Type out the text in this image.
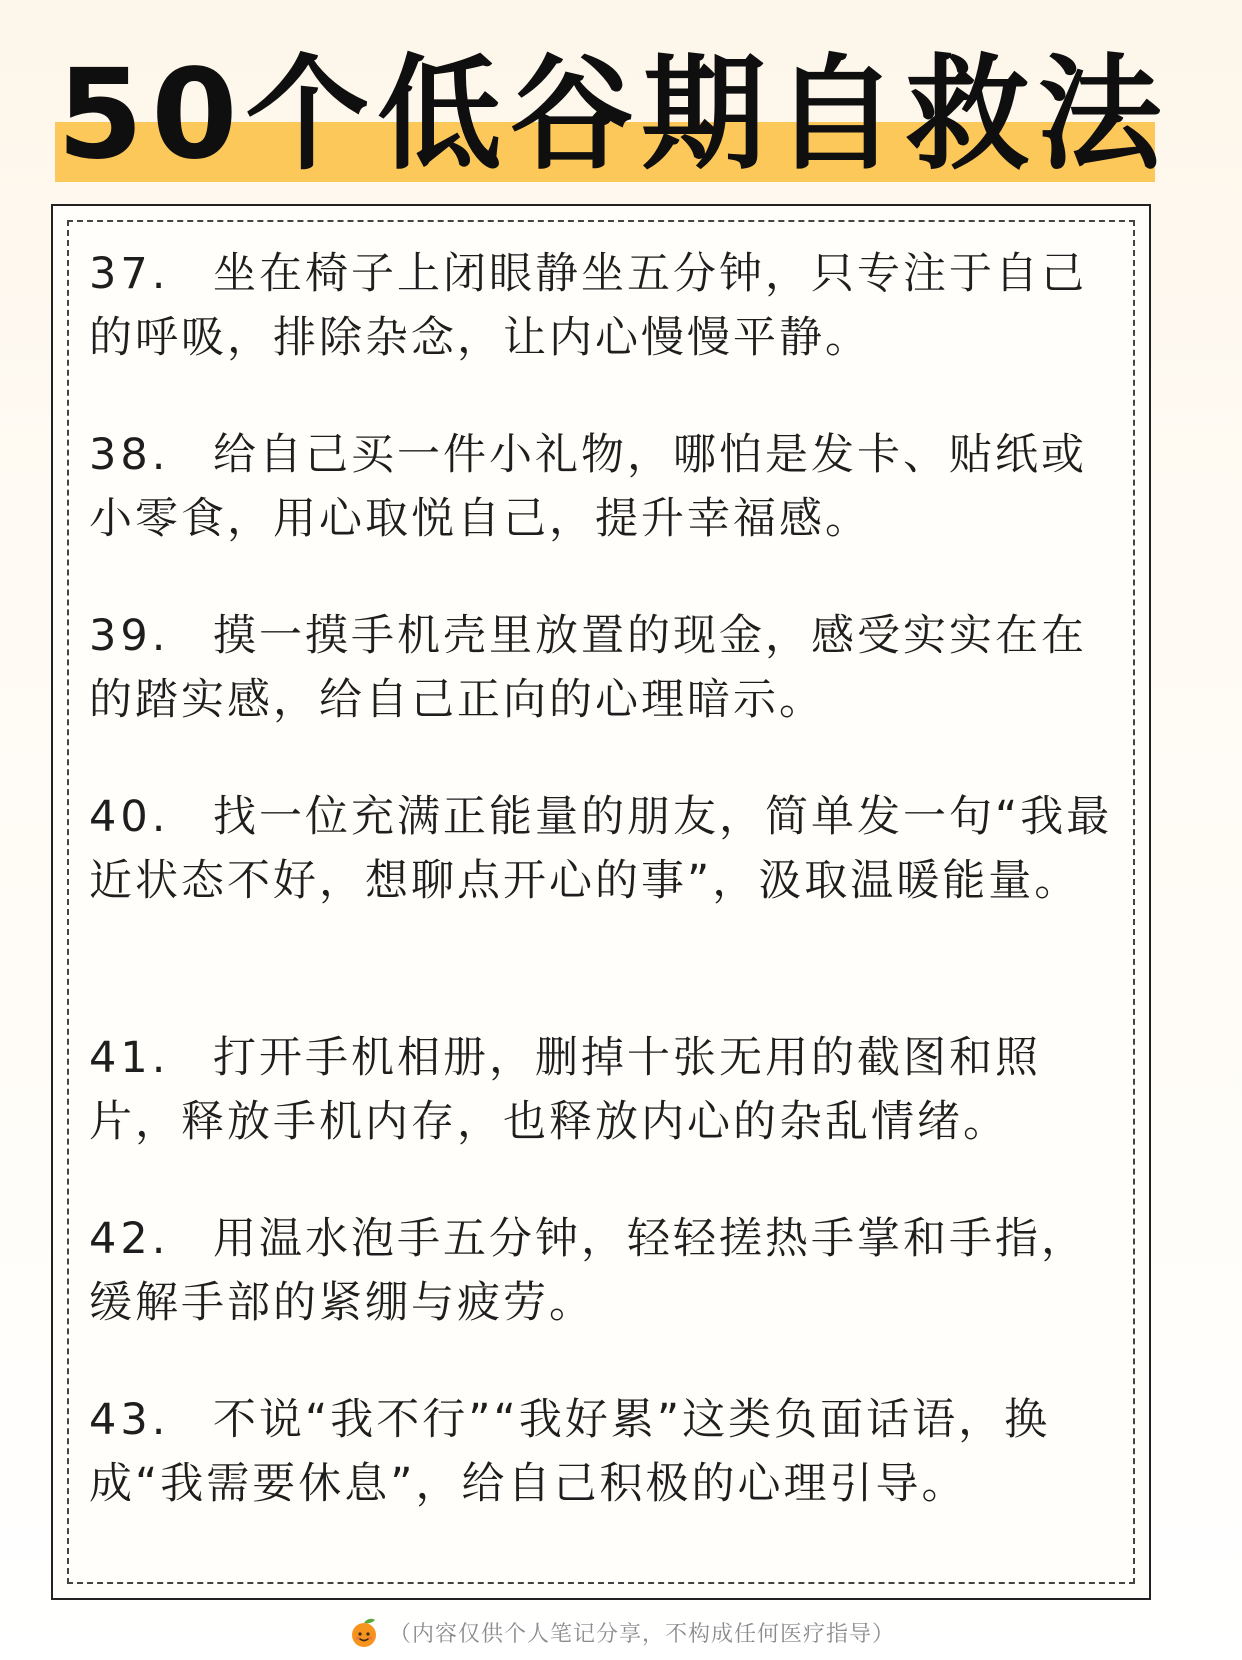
50个低谷期自救法
37. 坐在椅子上闭眼静坐五分钟，只专注于自己的呼吸，排除杂念，让内心慢慢平静。
38. 给自己买一件小礼物，哪怕是发卡、贴纸或小零食，用心取悦自己，提升幸福感。
39. 摸一摸手机壳里放置的现金，感受实实在在的踏实感，给自己正向的心理暗示。
40. 找一位充满正能量的朋友，简单发一句“我最近状态不好，想聊点开心的事”，汲取温暖能量。
41. 打开手机相册，删掉十张无用的截图和照片，释放手机内存，也释放内心的杂乱情绪。
42. 用温水泡手五分钟，轻轻搓热手掌和手指，缓解手部的紧绷与疲劳。
43. 不说“我不行”“我好累”这类负面话语，换成“我需要休息”，给自己积极的心理引导。
（内容仅供个人笔记分享，不构成任何医疗指导）
